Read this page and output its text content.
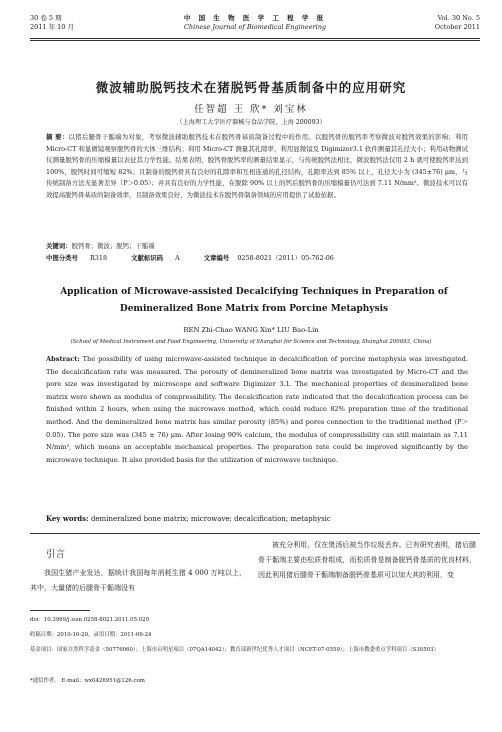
30 卷 5 期
2011 年 10 月
中 国 生 物 医 学 工 程 学 报
Chinese Journal of Biomedical Engineering
Vol. 30 No. 5
October 2011
微波辅助脱钙技术在猪脱钙骨基质制备中的应用研究
任智超 王 欣* 刘宝林
（上海理工大学医疗器械与食品学院，上海 200093）
摘 要：以猪后腿骨干骺端为对象，考察微波辅助脱钙技术在脱钙骨基质制备过程中的作用。以脱钙骨的脱钙率考察微波对脱钙效果的影响；利用 Micro-CT 和显微镜观察脱钙骨的大体三维结构；利用 Micro-CT 测量其孔隙率，利用显微镜及 Digimizer3.1 软件测量其孔径大小；利用动物测试仪测量脱钙骨的压缩模量以表征其力学性能。结果表明，脱钙骨脱钙率的测量结果显示，与传统脱钙法相比，微波脱钙法仅用 2 h 就可使脱钙率达到 100%，脱钙时间可缩短 82%；且制备的脱钙骨具有良好的孔隙率和互相连通的孔径结构，孔隙率达到 85% 以上，孔径大小为 (345±76) μm，与传统制备方法无显著差异（P＞0.05）；并具有良好的力学性能，在脱除 90% 以上的钙后脱钙骨的压缩模量仍可达到 7.11 N/mm²。微波技术可以有效提高脱钙骨基质的制备效率，且制备效果良好，为微波技术在脱钙骨制备领域的应用提供了试验依据。
关键词：脱钙骨；微波；脱钙；干骺端
中图分类号 R318	文献标识码 A	文章编号 0258-8021（2011）05-762-06
Application of Microwave-assisted Decalcifying Techniques in Preparation of Demineralized Bone Matrix from Porcine Metaphysis
REN Zhi-Chao WANG Xin* LIU Bao-Lin
(School of Medical Instrument and Food Engineering, University of Shanghai for Science and Technology, Shanghai 200093, China)
Abstract: The possibility of using microwave-assisted technique in decalcification of porcine metaphysis was investigated. The decalcification rate was measured. The porosity of demineralized bone matrix was investigated by Micro-CT and the pore size was investigated by microscope and software Digimizer 3.1. The mechanical properties of demineralized bone matrix were shown as modulus of compressibility. The decalcification rate indicated that the decalcification process can be finished within 2 hours, when using the microwave method, which could reduce 82% preparation time of the traditional method. And the demineralized bone matrix has similar porosity (85%) and pores connection to the traditional method (P＞0.05). The pore size was (345 ± 76) μm. After losing 90% calcium, the modulus of compressibility can still maintain as 7.11 N/mm², which means an acceptable mechanical properties. The preparation rate could be improved significantly by the microwave technique. It also provided basis for the utilization of microwave technique.
Key words: demineralized bone matrix; microwave; decalcification; metaphysic
引言
我国生猪产业发达，据统计我国每年消耗生猪 4 000 万吨以上，其中，大量猪的后腿骨干骺端没有
被充分利用，仅在煲汤后被当作垃圾丢弃。已有研究表明，猪后腿骨干骺端主要由松质骨组成，而松质骨是制备脱钙骨基质的优良材料，因此利用猪后腿骨干骺端制备脱钙骨基质可以加大其的利用，变
doi：10.3969/j.issn.0258-8021.2011.05.020
收稿日期：2010-10-20，录用日期：2011-06-24
基金项目：国家自然科学基金（50776060）；上海市启明星项目（07QA14042）；教育部新世纪优秀人才项目（NCET-07-0559）；上海市教委重点学科项目（S30503）
*通信作者。 E-mail：wx0426951@126.com
